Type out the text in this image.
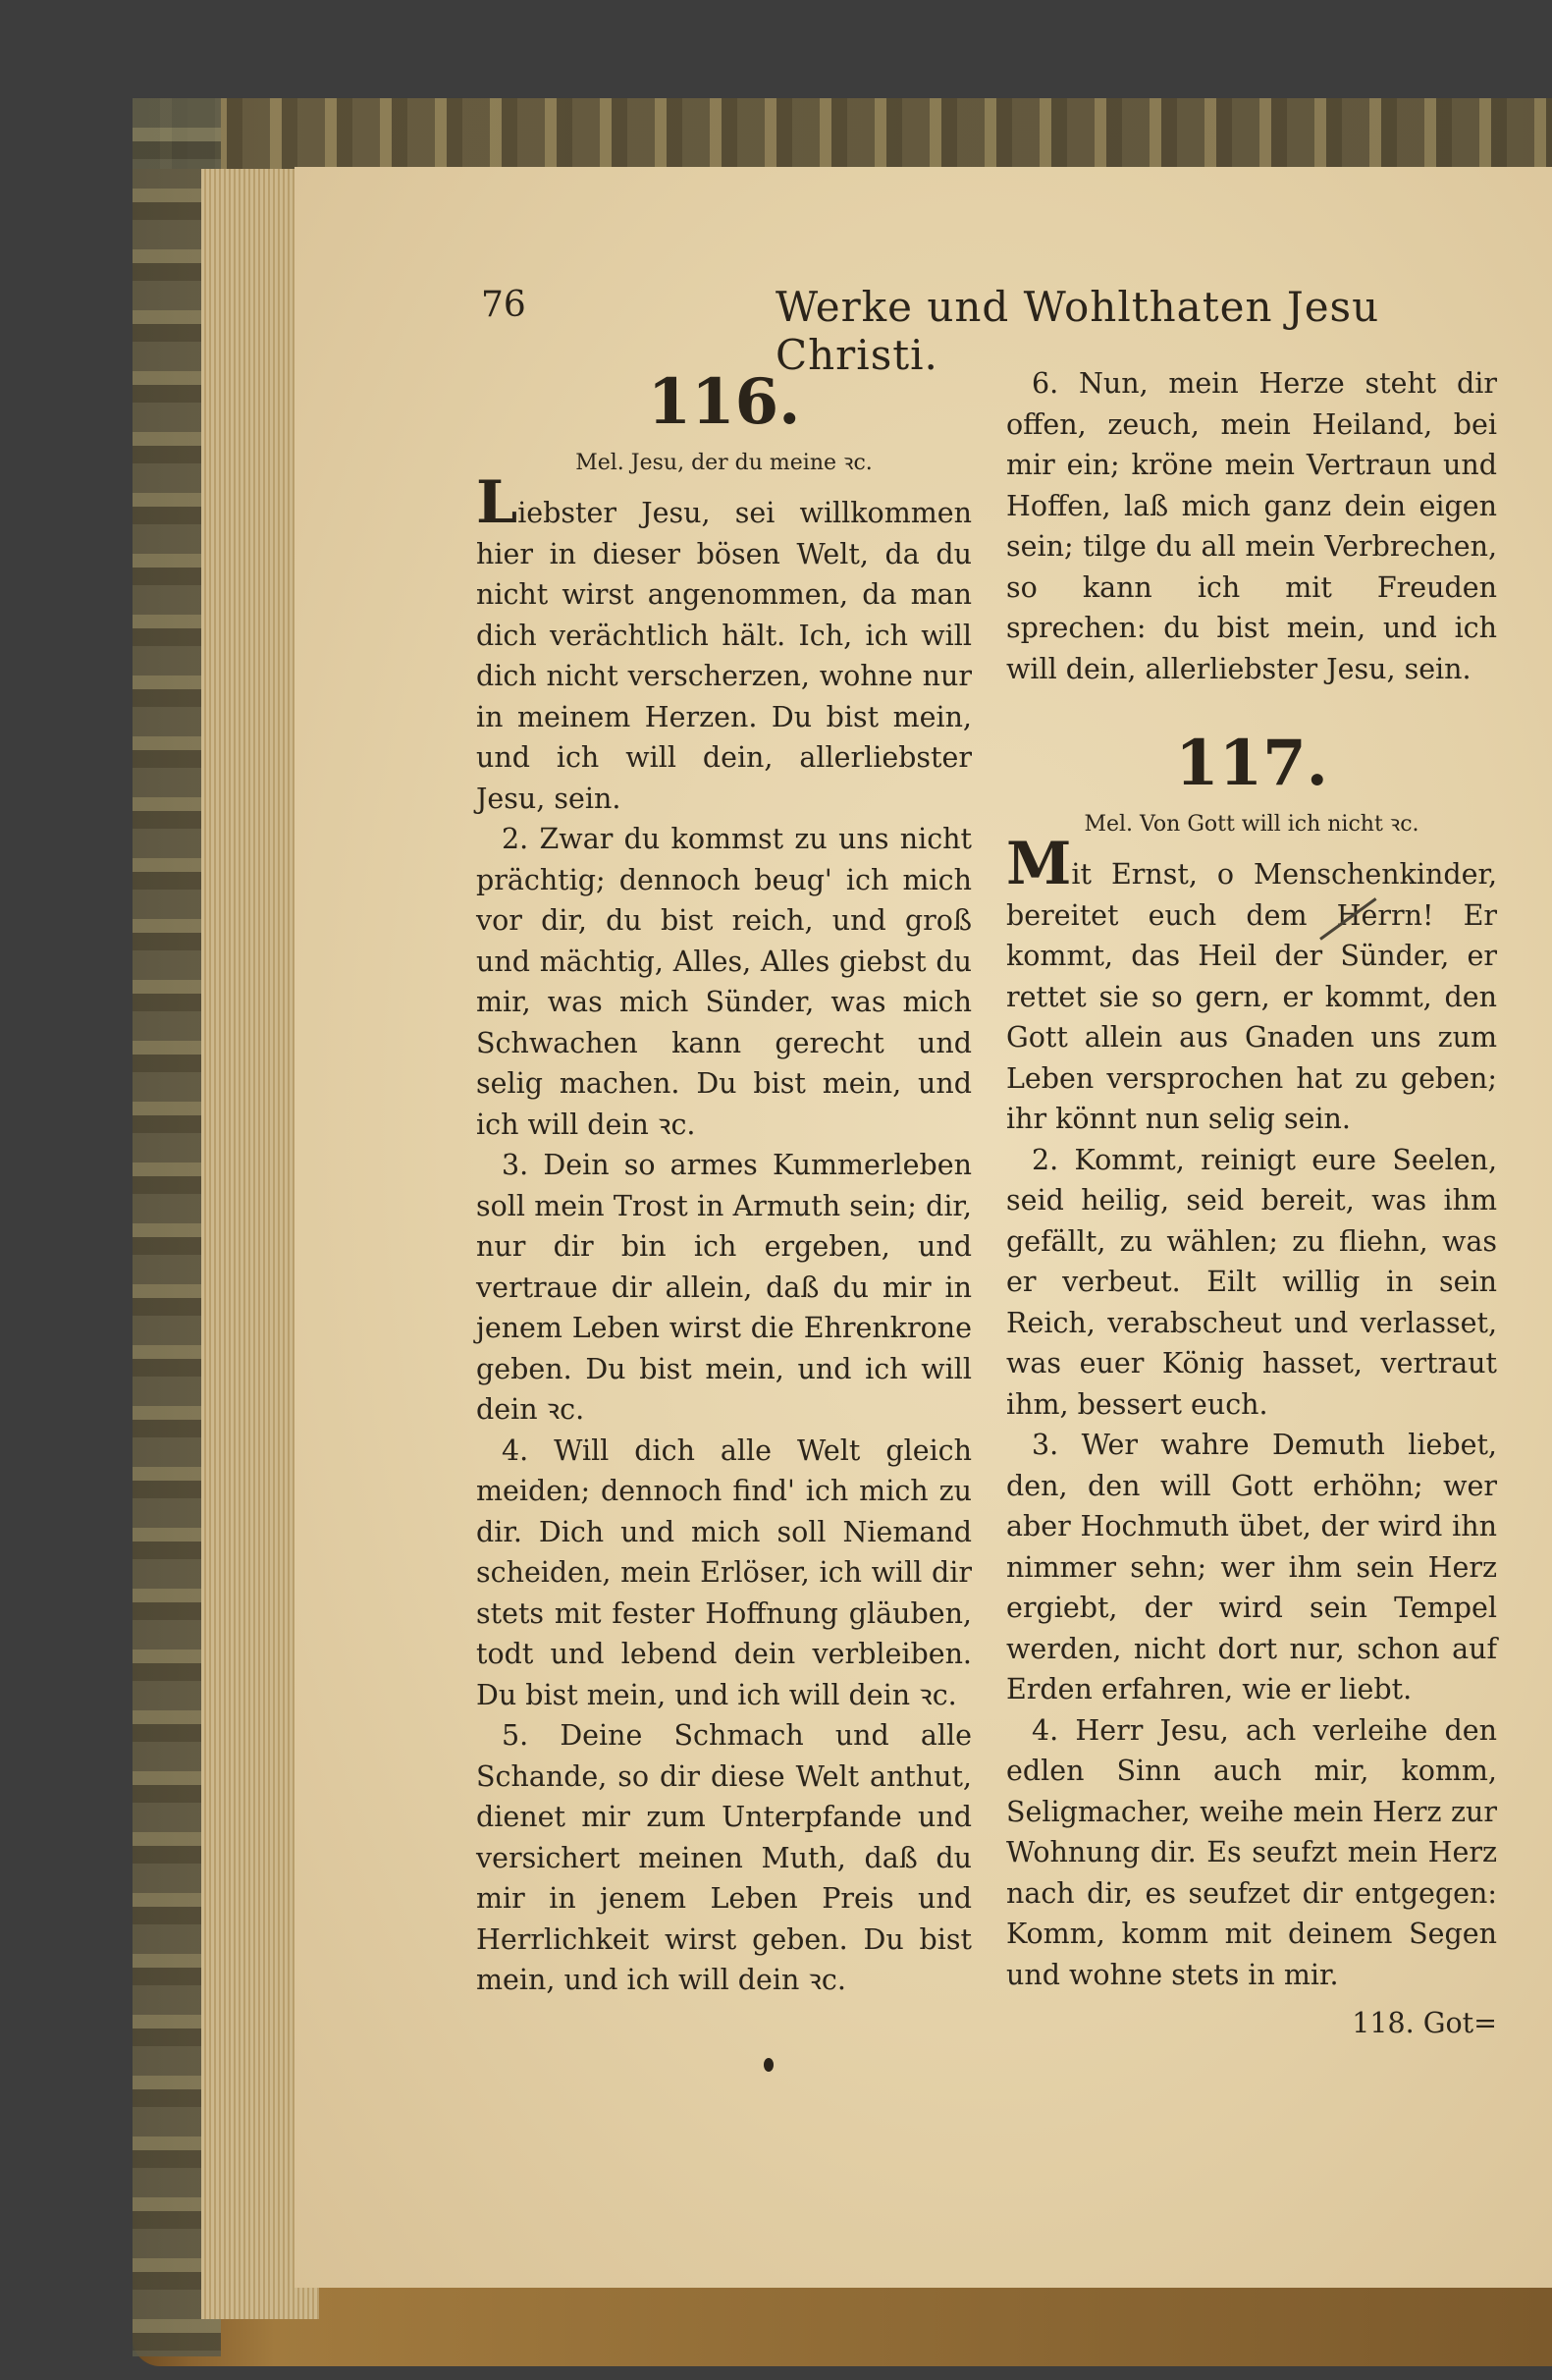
76	Werke und Wohlthaten Jesu Christi.
116.
Mel. Jesu, der du meine ꝛc.

Liebster Jesu, sei willkommen hier in dieser bösen Welt, da du nicht wirst angenommen, da man dich verächtlich hält. Ich, ich will dich nicht verscherzen, wohne nur in meinem Herzen. Du bist mein, und ich will dein, allerliebster Jesu, sein.

2. Zwar du kommst zu uns nicht prächtig; dennoch beug' ich mich vor dir, du bist reich, und groß und mächtig, Alles, Alles giebst du mir, was mich Sünder, was mich Schwachen kann gerecht und selig machen. Du bist mein, und ich will dein ꝛc.

3. Dein so armes Kummerleben soll mein Trost in Armuth sein; dir, nur dir bin ich ergeben, und vertraue dir allein, daß du mir in jenem Leben wirst die Ehrenkrone geben. Du bist mein, und ich will dein ꝛc.

4. Will dich alle Welt gleich meiden; dennoch find' ich mich zu dir. Dich und mich soll Niemand scheiden, mein Erlöser, ich will dir stets mit fester Hoffnung gläuben, todt und lebend dein verbleiben. Du bist mein, und ich will dein ꝛc.

5. Deine Schmach und alle Schande, so dir diese Welt anthut, dienet mir zum Unterpfande und versichert meinen Muth, daß du mir in jenem Leben Preis und Herrlichkeit wirst geben. Du bist mein, und ich will dein ꝛc.

6. Nun, mein Herze steht dir offen, zeuch, mein Heiland, bei mir ein; kröne mein Vertraun und Hoffen, laß mich ganz dein eigen sein; tilge du all mein Verbrechen, so kann ich mit Freuden sprechen: du bist mein, und ich will dein, allerliebster Jesu, sein.

117.
Mel. Von Gott will ich nicht ꝛc.

Mit Ernst, o Menschenkinder, bereitet euch dem Herrn! Er kommt, das Heil der Sünder, er rettet sie so gern, er kommt, den Gott allein aus Gnaden uns zum Leben versprochen hat zu geben; ihr könnt nun selig sein.

2. Kommt, reinigt eure Seelen, seid heilig, seid bereit, was ihm gefällt, zu wählen; zu fliehn, was er verbeut. Eilt willig in sein Reich, verabscheut und verlasset, was euer König hasset, vertraut ihm, bessert euch.

3. Wer wahre Demuth liebet, den, den will Gott erhöhn; wer aber Hochmuth übet, der wird ihn nimmer sehn; wer ihm sein Herz ergiebt, der wird sein Tempel werden, nicht dort nur, schon auf Erden erfahren, wie er liebt.

4. Herr Jesu, ach verleihe den edlen Sinn auch mir, komm, Seligmacher, weihe mein Herz zur Wohnung dir. Es seufzt mein Herz nach dir, es seufzet dir entgegen: Komm, komm mit deinem Segen und wohne stets in mir.

118. Got=
